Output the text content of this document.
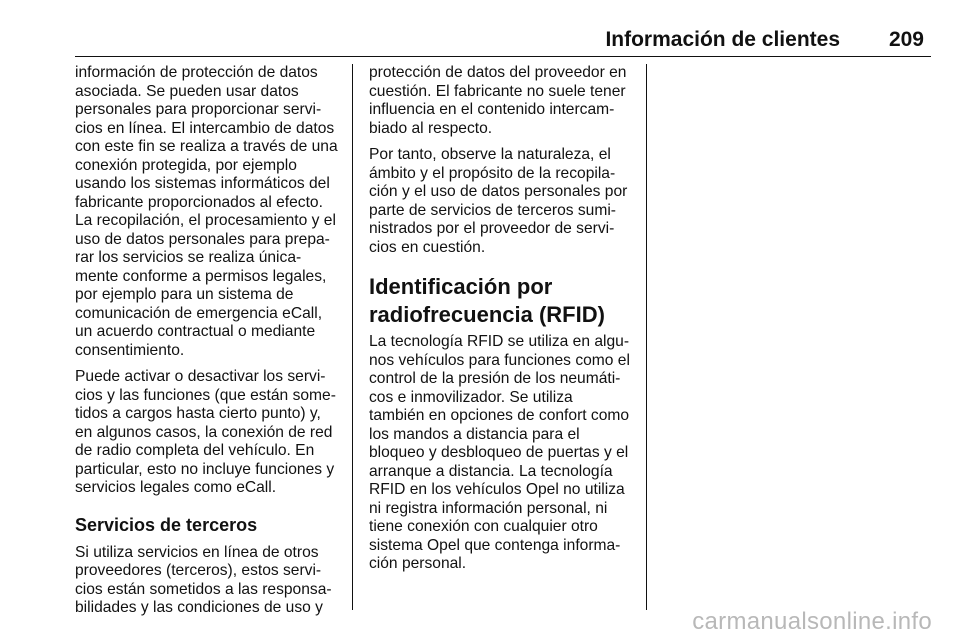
Información de clientes 209

información de protección de datos
asociada. Se pueden usar datos
personales para proporcionar servi‐
cios en línea. El intercambio de datos
con este fin se realiza a través de una
conexión protegida, por ejemplo
usando los sistemas informáticos del
fabricante proporcionados al efecto.
La recopilación, el procesamiento y el
uso de datos personales para prepa‐
rar los servicios se realiza única‐
mente conforme a permisos legales,
por ejemplo para un sistema de
comunicación de emergencia eCall,
un acuerdo contractual o mediante
consentimiento.

Puede activar o desactivar los servi‐
cios y las funciones (que están some‐
tidos a cargos hasta cierto punto) y,
en algunos casos, la conexión de red
de radio completa del vehículo. En
particular, esto no incluye funciones y
servicios legales como eCall.

Servicios de terceros

Si utiliza servicios en línea de otros
proveedores (terceros), estos servi‐
cios están sometidos a las responsa‐
bilidades y las condiciones de uso y

protección de datos del proveedor en
cuestión. El fabricante no suele tener
influencia en el contenido intercam‐
biado al respecto.

Por tanto, observe la naturaleza, el
ámbito y el propósito de la recopila‐
ción y el uso de datos personales por
parte de servicios de terceros sumi‐
nistrados por el proveedor de servi‐
cios en cuestión.

Identificación por
radiofrecuencia (RFID)

La tecnología RFID se utiliza en algu‐
nos vehículos para funciones como el
control de la presión de los neumáti‐
cos e inmovilizador. Se utiliza
también en opciones de confort como
los mandos a distancia para el
bloqueo y desbloqueo de puertas y el
arranque a distancia. La tecnología
RFID en los vehículos Opel no utiliza
ni registra información personal, ni
tiene conexión con cualquier otro
sistema Opel que contenga informa‐
ción personal.

carmanualsonline.info
